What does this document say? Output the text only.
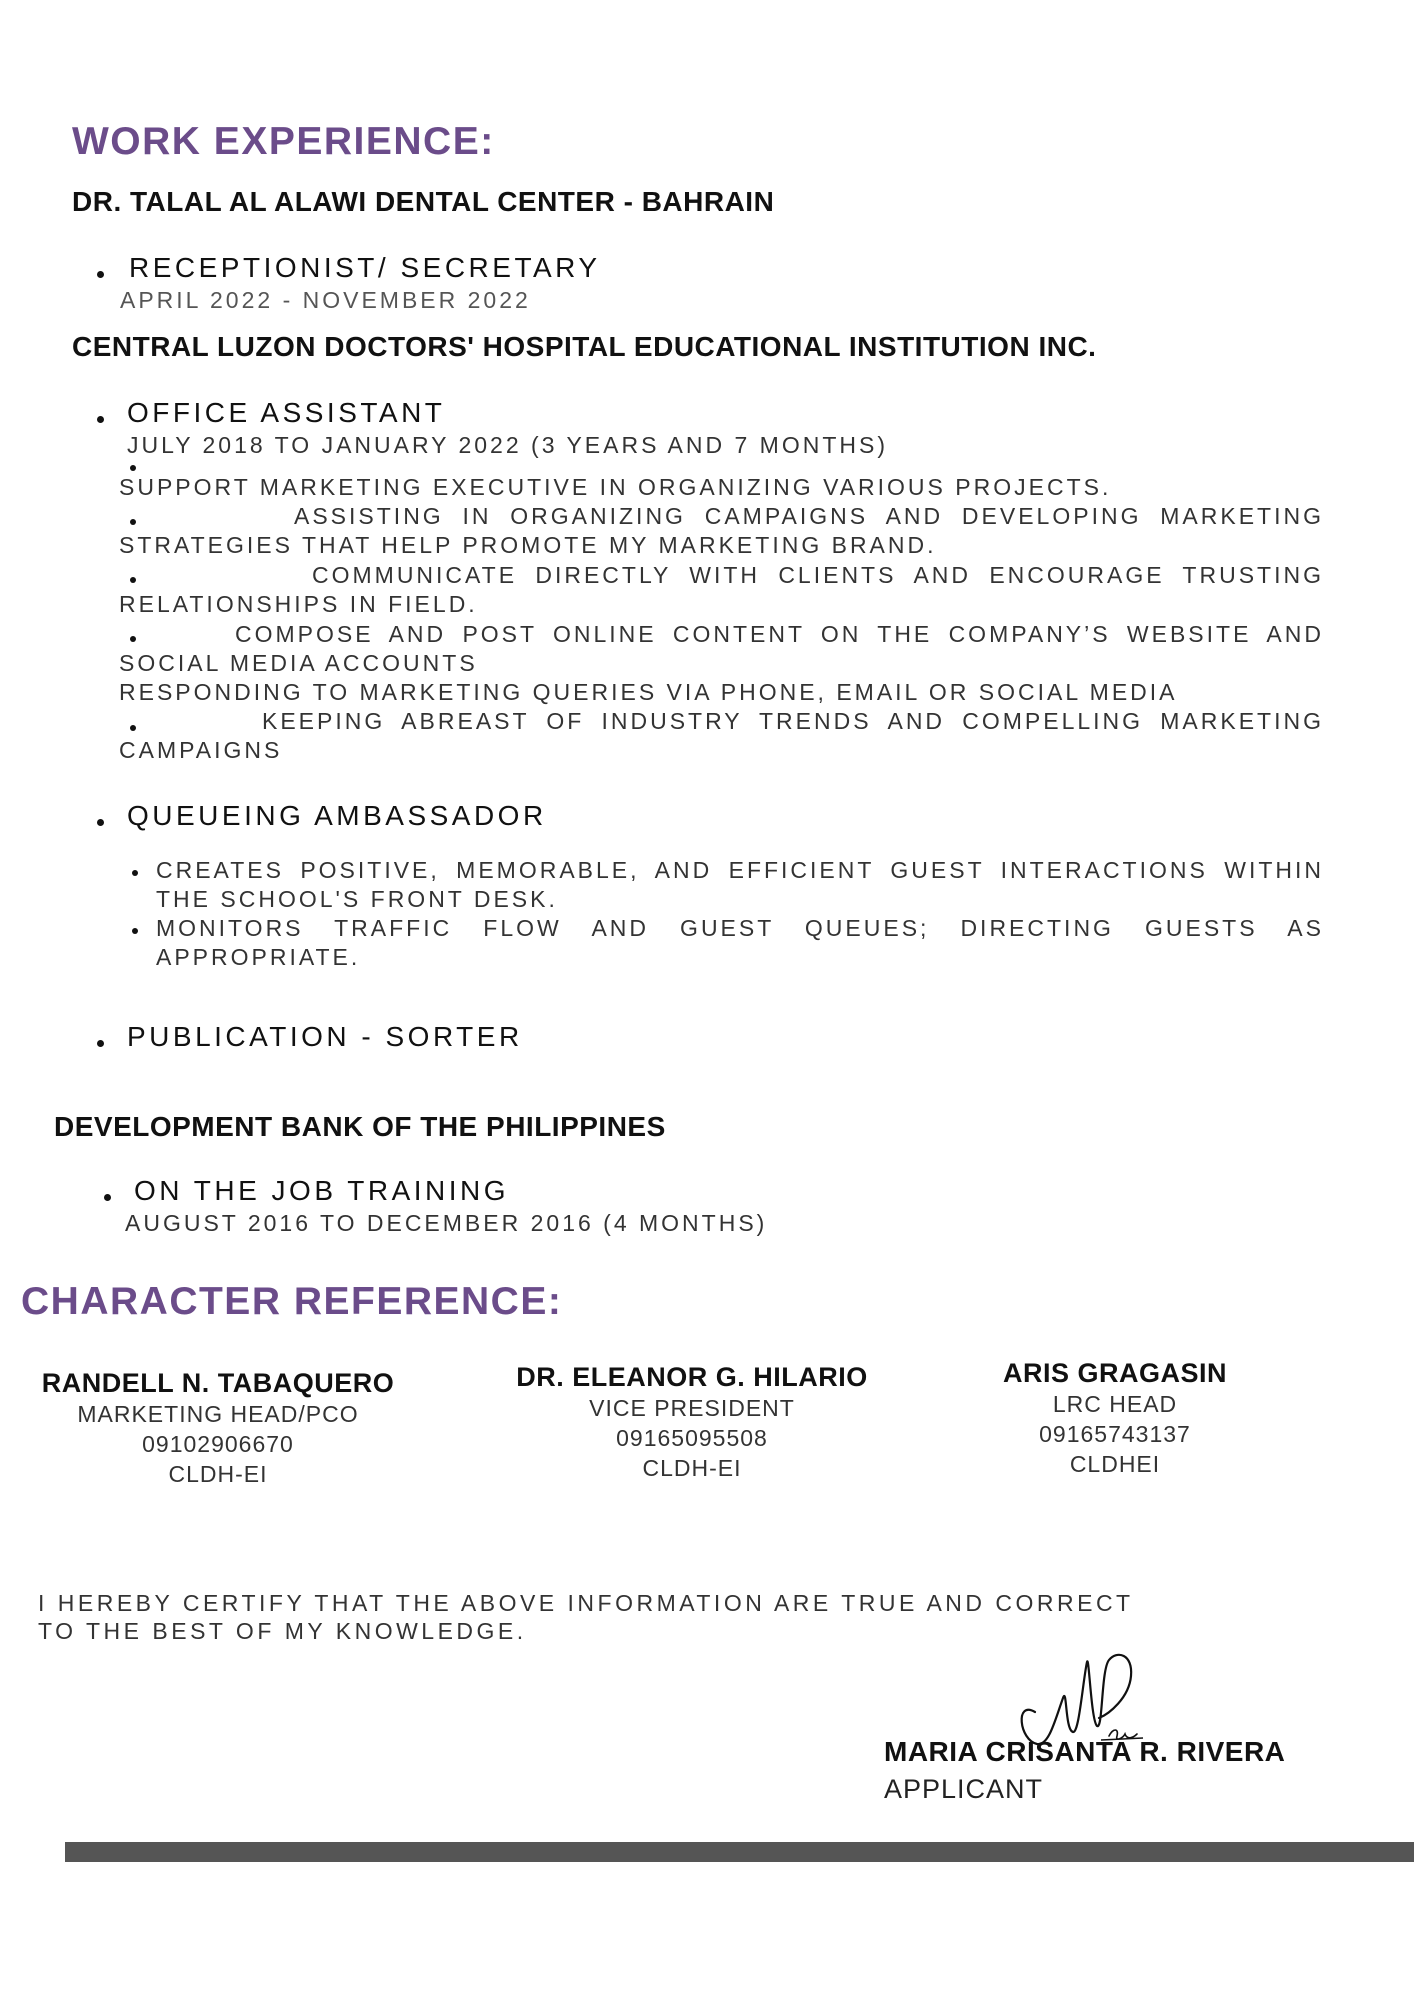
WORK EXPERIENCE:
DR. TALAL AL ALAWI DENTAL CENTER - BAHRAIN
RECEPTIONIST/ SECRETARY
APRIL 2022 - NOVEMBER 2022
CENTRAL LUZON DOCTORS' HOSPITAL EDUCATIONAL INSTITUTION INC.
OFFICE ASSISTANT
JULY 2018 TO JANUARY 2022 (3 YEARS AND 7 MONTHS)
SUPPORT MARKETING EXECUTIVE IN ORGANIZING VARIOUS PROJECTS.
ASSISTING IN ORGANIZING CAMPAIGNS AND DEVELOPING MARKETING STRATEGIES THAT HELP PROMOTE MY MARKETING BRAND.
COMMUNICATE DIRECTLY WITH CLIENTS AND ENCOURAGE TRUSTING RELATIONSHIPS IN FIELD.
COMPOSE AND POST ONLINE CONTENT ON THE COMPANY’S WEBSITE AND SOCIAL MEDIA ACCOUNTS
RESPONDING TO MARKETING QUERIES VIA PHONE, EMAIL OR SOCIAL MEDIA
KEEPING ABREAST OF INDUSTRY TRENDS AND COMPELLING MARKETING CAMPAIGNS
QUEUEING AMBASSADOR
CREATES POSITIVE, MEMORABLE, AND EFFICIENT GUEST INTERACTIONS WITHIN THE SCHOOL'S FRONT DESK.
MONITORS TRAFFIC FLOW AND GUEST QUEUES; DIRECTING GUESTS AS APPROPRIATE.
PUBLICATION - SORTER
DEVELOPMENT BANK OF THE PHILIPPINES
ON THE JOB TRAINING
AUGUST 2016 TO DECEMBER 2016 (4 MONTHS)
CHARACTER REFERENCE:
RANDELL N. TABAQUERO
MARKETING HEAD/PCO
09102906670
CLDH-EI
DR. ELEANOR G. HILARIO
VICE PRESIDENT
09165095508
CLDH-EI
ARIS GRAGASIN
LRC HEAD
09165743137
CLDHEI
I HEREBY CERTIFY THAT THE ABOVE INFORMATION ARE TRUE AND CORRECT
TO THE BEST OF MY KNOWLEDGE.
MARIA CRISANTA R. RIVERA
APPLICANT
